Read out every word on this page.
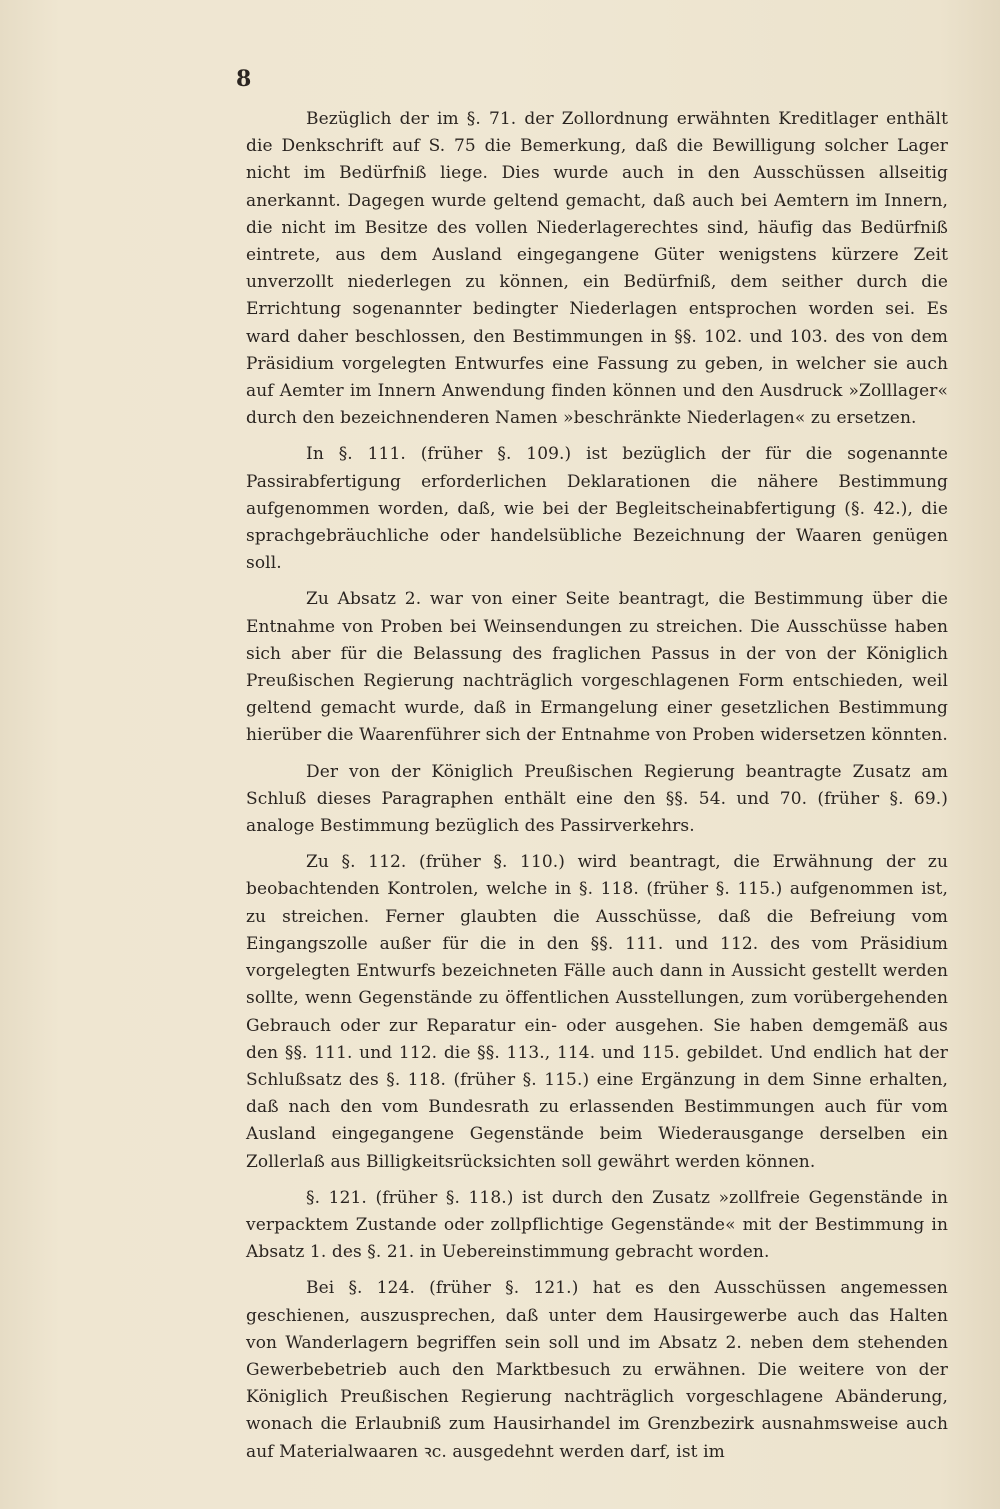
8

Bezüglich der im §. 71. der Zollordnung erwähnten Kreditlager enthält die Denkschrift auf S. 75 die Bemerkung, daß die Bewilligung solcher Lager nicht im Bedürfniß liege. Dies wurde auch in den Ausschüssen allseitig anerkannt. Dagegen wurde geltend gemacht, daß auch bei Aemtern im Innern, die nicht im Besitze des vollen Niederlagerechtes sind, häufig das Bedürfniß eintrete, aus dem Ausland eingegangene Güter wenigstens kürzere Zeit unverzollt niederlegen zu können, ein Bedürfniß, dem seither durch die Errichtung sogenannter bedingter Niederlagen entsprochen worden sei. Es ward daher beschlossen, den Bestimmungen in §§. 102. und 103. des von dem Präsidium vorgelegten Entwurfes eine Fassung zu geben, in welcher sie auch auf Aemter im Innern Anwendung finden können und den Ausdruck »Zolllager« durch den bezeichnenderen Namen »beschränkte Niederlagen« zu ersetzen.

In §. 111. (früher §. 109.) ist bezüglich der für die sogenannte Passirabfertigung erforderlichen Deklarationen die nähere Bestimmung aufgenommen worden, daß, wie bei der Begleitscheinabfertigung (§. 42.), die sprachgebräuchliche oder handelsübliche Bezeichnung der Waaren genügen soll.

Zu Absatz 2. war von einer Seite beantragt, die Bestimmung über die Entnahme von Proben bei Weinsendungen zu streichen. Die Ausschüsse haben sich aber für die Belassung des fraglichen Passus in der von der Königlich Preußischen Regierung nachträglich vorgeschlagenen Form entschieden, weil geltend gemacht wurde, daß in Ermangelung einer gesetzlichen Bestimmung hierüber die Waarenführer sich der Entnahme von Proben widersetzen könnten.

Der von der Königlich Preußischen Regierung beantragte Zusatz am Schluß dieses Paragraphen enthält eine den §§. 54. und 70. (früher §. 69.) analoge Bestimmung bezüglich des Passirverkehrs.

Zu §. 112. (früher §. 110.) wird beantragt, die Erwähnung der zu beobachtenden Kontrolen, welche in §. 118. (früher §. 115.) aufgenommen ist, zu streichen. Ferner glaubten die Ausschüsse, daß die Befreiung vom Eingangszolle außer für die in den §§. 111. und 112. des vom Präsidium vorgelegten Entwurfs bezeichneten Fälle auch dann in Aussicht gestellt werden sollte, wenn Gegenstände zu öffentlichen Ausstellungen, zum vorübergehenden Gebrauch oder zur Reparatur ein- oder ausgehen. Sie haben demgemäß aus den §§. 111. und 112. die §§. 113., 114. und 115. gebildet. Und endlich hat der Schlußsatz des §. 118. (früher §. 115.) eine Ergänzung in dem Sinne erhalten, daß nach den vom Bundesrath zu erlassenden Bestimmungen auch für vom Ausland eingegangene Gegenstände beim Wiederausgange derselben ein Zollerlaß aus Billigkeitsrücksichten soll gewährt werden können.

§. 121. (früher §. 118.) ist durch den Zusatz »zollfreie Gegenstände in verpacktem Zustande oder zollpflichtige Gegenstände« mit der Bestimmung in Absatz 1. des §. 21. in Uebereinstimmung gebracht worden.

Bei §. 124. (früher §. 121.) hat es den Ausschüssen angemessen geschienen, auszusprechen, daß unter dem Hausirgewerbe auch das Halten von Wanderlagern begriffen sein soll und im Absatz 2. neben dem stehenden Gewerbebetrieb auch den Marktbesuch zu erwähnen. Die weitere von der Königlich Preußischen Regierung nachträglich vorgeschlagene Abänderung, wonach die Erlaubniß zum Hausirhandel im Grenzbezirk ausnahmsweise auch auf Materialwaaren ꝛc. ausgedehnt werden darf, ist im
